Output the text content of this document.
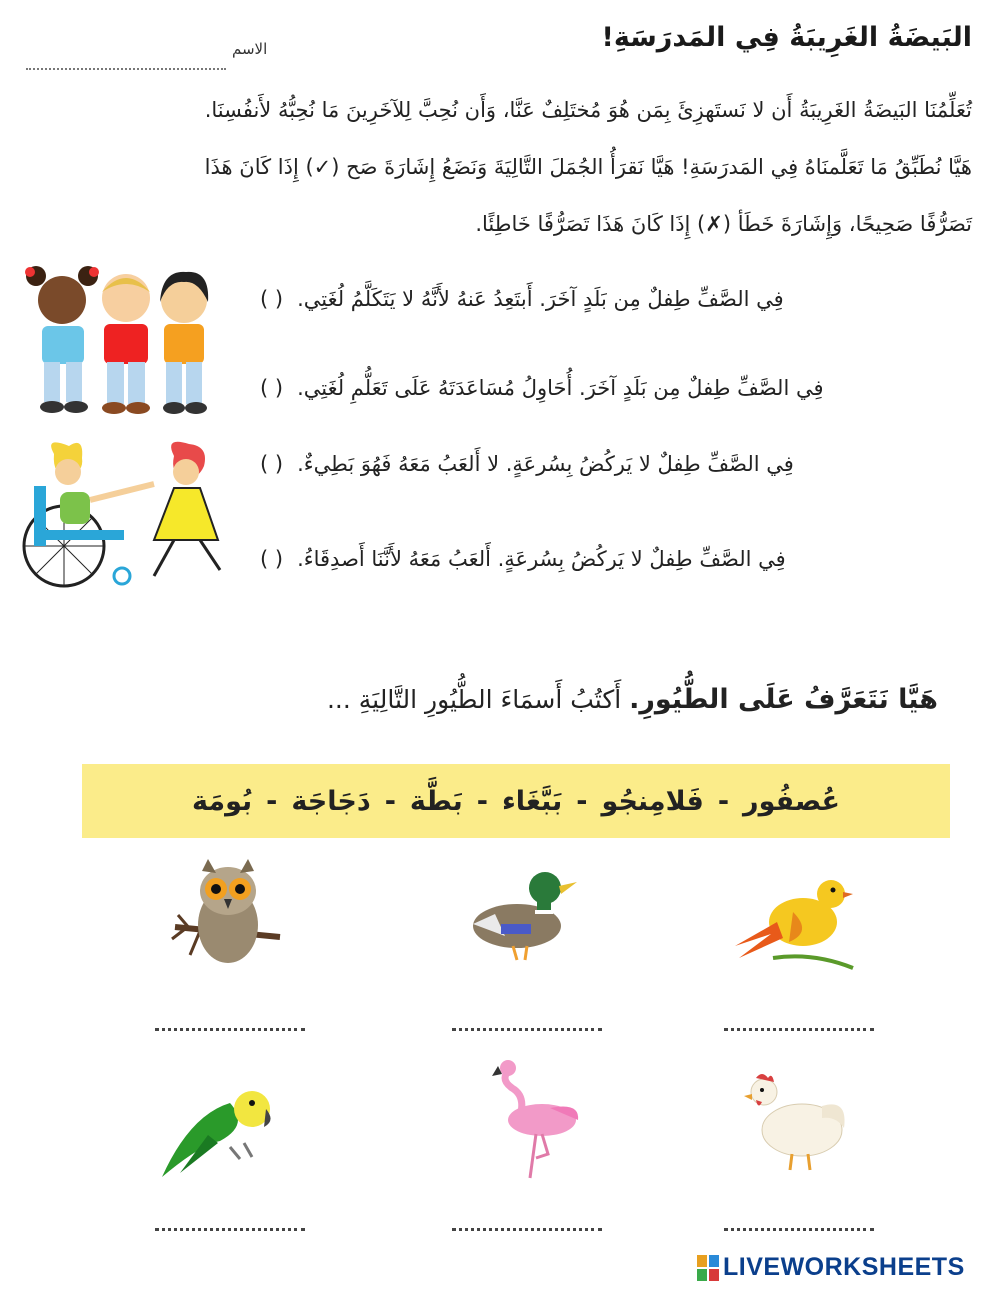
البَيضَةُ الغَرِيبَةُ فِي المَدرَسَةِ!
الاسم
تُعَلِّمُنَا البَيضَةُ الغَرِيبَةُ أَن لا نَستَهزِئَ بِمَن هُوَ مُختَلِفٌ عَنَّا، وَأَن نُحِبَّ لِلآخَرِينَ مَا نُحِبُّهُ لأَنفُسِنَا.
هَيَّا نُطَبِّقُ مَا تَعَلَّمنَاهُ فِي المَدرَسَةِ! هَيَّا نَقرَأُ الجُمَلَ التَّالِيَةَ وَنَضَعُ إِشَارَةَ صَح (✓) إِذَا كَانَ هَذَا
تَصَرُّفًا صَحِيحًا، وَإِشَارَةَ خَطَأ (✗) إِذَا كَانَ هَذَا تَصَرُّفًا خَاطِئًا.
( ) فِي الصَّفِّ طِفلٌ مِن بَلَدٍ آخَرَ. أَبتَعِدُ عَنهُ لأَنَّهُ لا يَتَكَلَّمُ لُغَتِي.
( ) فِي الصَّفِّ طِفلٌ مِن بَلَدٍ آخَرَ. أُحَاوِلُ مُسَاعَدَتَهُ عَلَى تَعَلُّمِ لُغَتِي.
( ) فِي الصَّفِّ طِفلٌ لا يَركُضُ بِسُرعَةٍ. لا أَلعَبُ مَعَهُ فَهُوَ بَطِيءٌ.
( ) فِي الصَّفِّ طِفلٌ لا يَركُضُ بِسُرعَةٍ. أَلعَبُ مَعَهُ لأَنَّنَا أَصدِقَاءُ.
هَيَّا نَتَعَرَّفُ عَلَى الطُّيُورِ. أَكتُبُ أَسمَاءَ الطُّيُورِ التَّالِيَةِ ...
عُصفُور
-
فَلامِنجُو
-
بَبَّغَاء
-
بَطَّة
-
دَجَاجَة
-
بُومَة
LIVEWORKSHEETS
